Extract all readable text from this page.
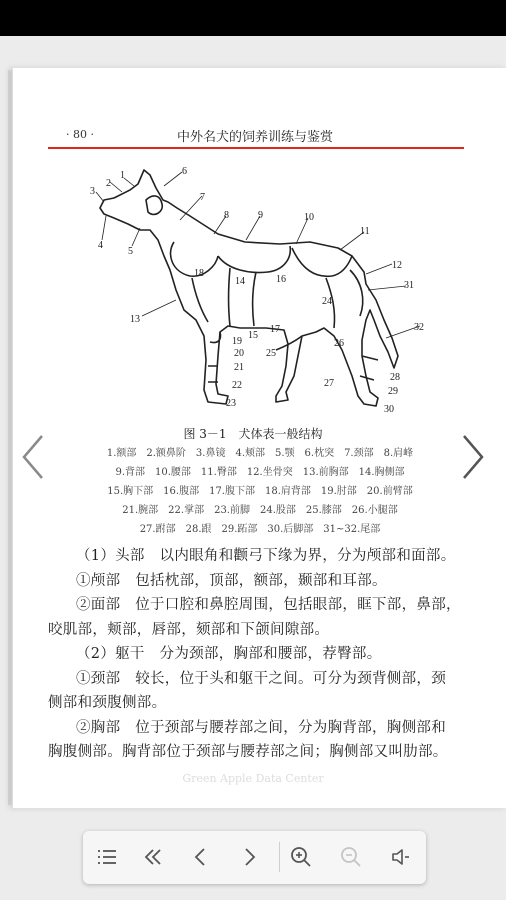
· 80 ·	中外名犬的饲养训练与鉴赏
1
2
3
4
5
6
7
8	9	10
11
12
13
14
15
16
17
18
19
20
21
22
23
24
25
26
27
28
29
30
31
32
图 3－1　犬体表一般结构
1.额部　2.额鼻阶　3.鼻镜　4.颊部　5.颚　6.枕突　7.颈部　8.肩峰
9.背部　10.腰部　11.臀部　12.坐骨突　13.前胸部　14.胸侧部
15.胸下部　16.腹部　17.腹下部　18.肩背部　19.肘部　20.前臂部
21.腕部　22.掌部　23.前脚　24.股部　25.膝部　26.小腿部
27.跗部　28.跟　29.跖部　30.后脚部　31~32.尾部
（1）头部　以内眼角和颧弓下缘为界，分为颅部和面部。
①颅部　包括枕部，顶部，额部，颞部和耳部。
②面部　位于口腔和鼻腔周围，包括眼部，眶下部，鼻部，
咬肌部，颊部，唇部，颏部和下颌间隙部。
（2）躯干　分为颈部，胸部和腰部，荐臀部。
①颈部　较长，位于头和躯干之间。可分为颈背侧部，颈
侧部和颈腹侧部。
②胸部　位于颈部与腰荐部之间，分为胸背部，胸侧部和
胸腹侧部。胸背部位于颈部与腰荐部之间；胸侧部又叫肋部。
Green Apple Data Center
